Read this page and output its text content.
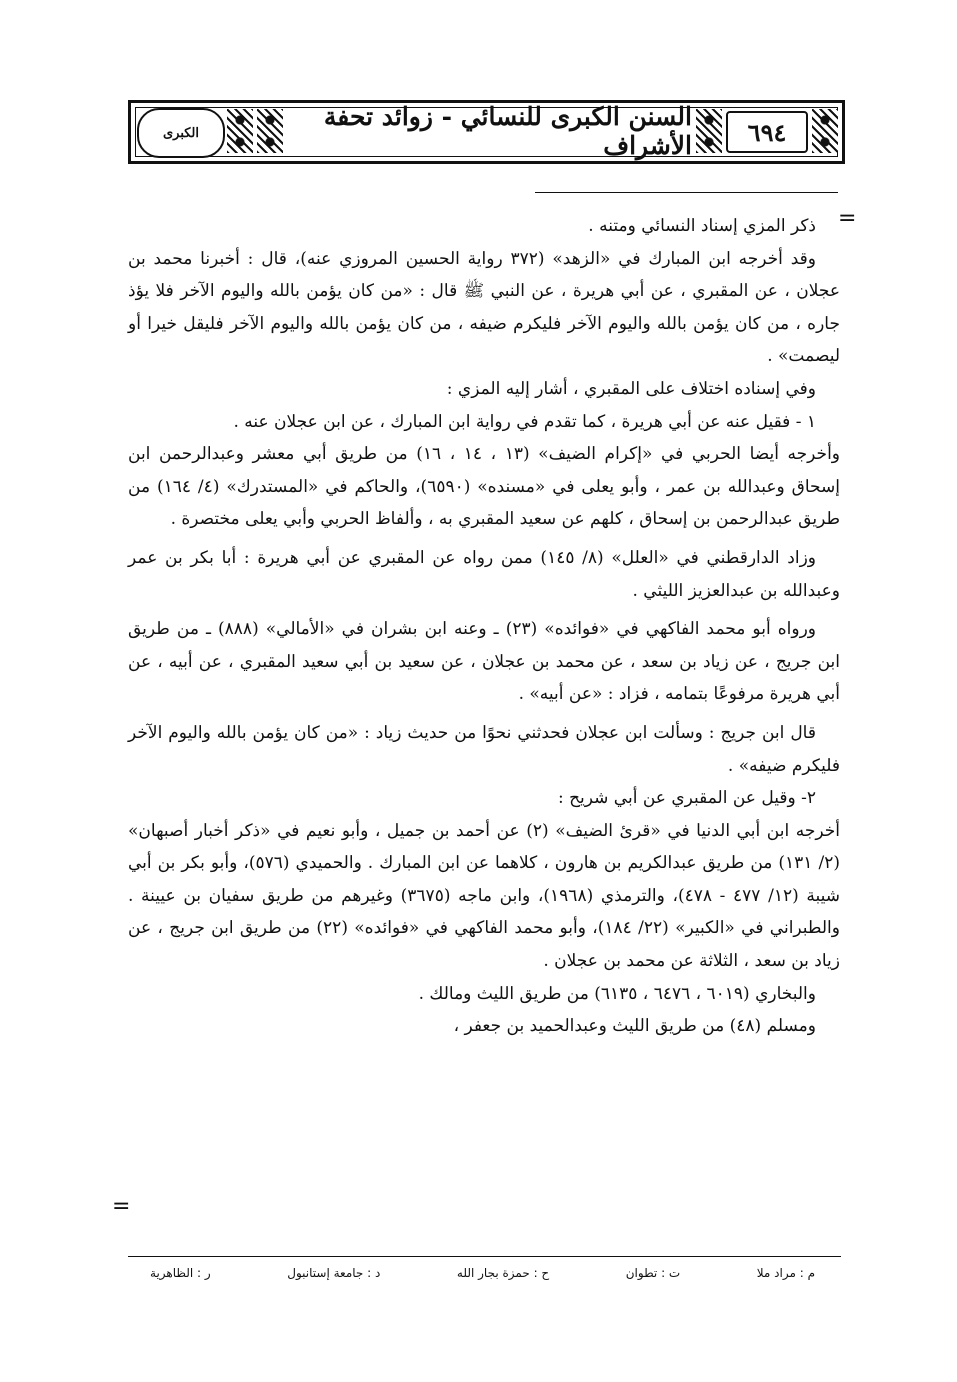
الكبرى
السنن الكبرى للنسائي - زوائد تحفة الأشراف	٦٩٤
=

ذكر المزي إسناد النسائي ومتنه .

وقد أخرجه ابن المبارك في «الزهد» (٣٧٢ رواية الحسين المروزي عنه)، قال : أخبرنا محمد بن عجلان ، عن المقبري ، عن أبي هريرة ، عن النبي ﷺ قال : «من كان يؤمن بالله واليوم الآخر فلا يؤذ جاره ، من كان يؤمن بالله واليوم الآخر فليكرم ضيفه ، من كان يؤمن بالله واليوم الآخر فليقل خيرا أو ليصمت» .

وفي إسناده اختلاف على المقبري ، أشار إليه المزي :

١ - فقيل عنه عن أبي هريرة ، كما تقدم في رواية ابن المبارك ، عن ابن عجلان عنه .

وأخرجه أيضا الحربي في «إكرام الضيف» (١٣ ، ١٤ ، ١٦) من طريق أبي معشر وعبدالرحمن ابن إسحاق وعبدالله بن عمر ، وأبو يعلى في «مسنده» (٦٥٩٠)، والحاكم في «المستدرك» (٤/ ١٦٤) من طريق عبدالرحمن بن إسحاق ، كلهم عن سعيد المقبري به ، وألفاظ الحربي وأبي يعلى مختصرة .

وزاد الدارقطني في «العلل» (٨/ ١٤٥) ممن رواه عن المقبري عن أبي هريرة : أبا بكر بن عمر وعبدالله بن عبدالعزيز الليثي .

ورواه أبو محمد الفاكهي في «فوائده» (٢٣) ـ وعنه ابن بشران في «الأمالي» (٨٨٨) ـ من طريق ابن جريج ، عن زياد بن سعد ، عن محمد بن عجلان ، عن سعيد بن أبي سعيد المقبري ، عن أبيه ، عن أبي هريرة مرفوعًا بتمامه ، فزاد : «عن أبيه» .

قال ابن جريج : وسألت ابن عجلان فحدثني نحوًا من حديث زياد : «من كان يؤمن بالله واليوم الآخر فليكرم ضيفه» .

٢- وقيل عن المقبري عن أبي شريح :

أخرجه ابن أبي الدنيا في «قرئ الضيف» (٢) عن أحمد بن جميل ، وأبو نعيم في «ذكر أخبار أصبهان» (٢/ ١٣١) من طريق عبدالكريم بن هارون ، كلاهما عن ابن المبارك . والحميدي (٥٧٦)، وأبو بكر بن أبي شيبة (١٢/ ٤٧٧ - ٤٧٨)، والترمذي (١٩٦٨)، وابن ماجه (٣٦٧٥) وغيرهم من طريق سفيان بن عيينة . والطبراني في «الكبير» (٢٢/ ١٨٤)، وأبو محمد الفاكهي في «فوائده» (٢٢) من طريق ابن جريج ، عن زياد بن سعد ، الثلاثة عن محمد بن عجلان .

والبخاري (٦٠١٩ ، ٦٤٧٦ ، ٦١٣٥) من طريق الليث ومالك .

ومسلم (٤٨) من طريق الليث وعبدالحميد بن جعفر ،

=
م : مراد ملا
ت : تطوان
ح : حمزة بجار الله
د : جامعة إستانبول
ر : الظاهرية
